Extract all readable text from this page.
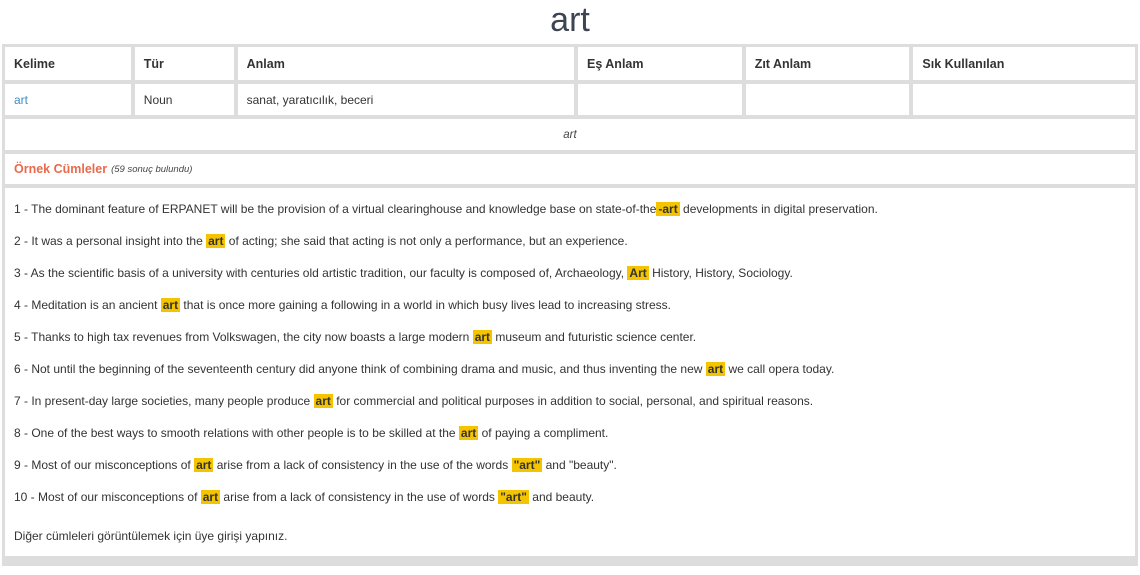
art
Kelime	Tür	Anlam	Eş Anlam	Zıt Anlam	Sık Kullanılan
art	Noun	sanat, yaratıcılık, beceri
art
Örnek Cümleler (59 sonuç bulundu)
1 - The dominant feature of ERPANET will be the provision of a virtual clearinghouse and knowledge base on state-of-the -art developments in digital preservation.
2 - It was a personal insight into the art of acting; she said that acting is not only a performance, but an experience.
3 - As the scientific basis of a university with centuries old artistic tradition, our faculty is composed of, Archaeology, Art History, History, Sociology.
4 - Meditation is an ancient art that is once more gaining a following in a world in which busy lives lead to increasing stress.
5 - Thanks to high tax revenues from Volkswagen, the city now boasts a large modern art museum and futuristic science center.
6 - Not until the beginning of the seventeenth century did anyone think of combining drama and music, and thus inventing the new art we call opera today.
7 - In present-day large societies, many people produce art for commercial and political purposes in addition to social, personal, and spiritual reasons.
8 - One of the best ways to smooth relations with other people is to be skilled at the art of paying a compliment.
9 - Most of our misconceptions of art arise from a lack of consistency in the use of the words "art" and "beauty".
10 - Most of our misconceptions of art arise from a lack of consistency in the use of words "art" and beauty.
Diğer cümleleri görüntülemek için üye girişi yapınız.
